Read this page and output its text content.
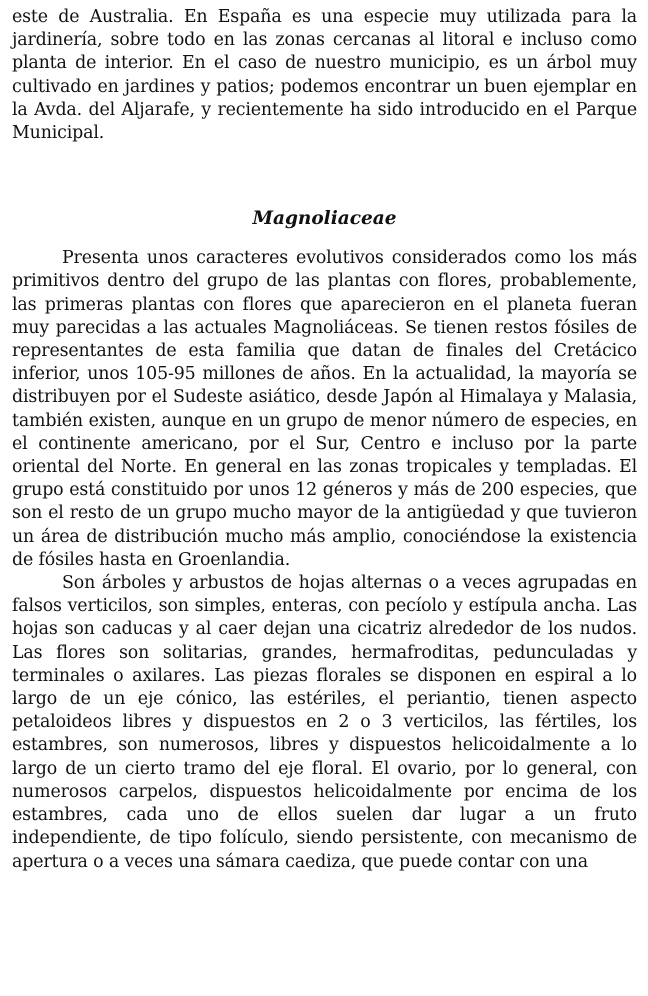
este de Australia. En España es una especie muy utilizada para la jardinería, sobre todo en las zonas cercanas al litoral e incluso como planta de interior. En el caso de nuestro municipio, es un árbol muy cultivado en jardines y patios; podemos encontrar un buen ejemplar en la Avda. del Aljarafe, y recientemente ha sido introducido en el Parque Municipal.

Magnoliaceae

Presenta unos caracteres evolutivos considerados como los más primitivos dentro del grupo de las plantas con flores, probablemente, las primeras plantas con flores que aparecieron en el planeta fueran muy parecidas a las actuales Magnoliáceas. Se tienen restos fósiles de representantes de esta familia que datan de finales del Cretácico inferior, unos 105-95 millones de años. En la actualidad, la mayoría se distribuyen por el Sudeste asiático, desde Japón al Himalaya y Malasia, también existen, aunque en un grupo de menor número de especies, en el continente americano, por el Sur, Centro e incluso por la parte oriental del Norte. En general en las zonas tropicales y templadas. El grupo está constituido por unos 12 géneros y más de 200 especies, que son el resto de un grupo mucho mayor de la antigüedad y que tuvieron un área de distribución mucho más amplio, conociéndose la existencia de fósiles hasta en Groenlandia.

Son árboles y arbustos de hojas alternas o a veces agrupadas en falsos verticilos, son simples, enteras, con pecíolo y estípula ancha. Las hojas son caducas y al caer dejan una cicatriz alrededor de los nudos. Las flores son solitarias, grandes, hermafroditas, pedunculadas y terminales o axilares. Las piezas florales se disponen en espiral a lo largo de un eje cónico, las estériles, el periantio, tienen aspecto petaloideos libres y dispuestos en 2 o 3 verticilos, las fértiles, los estambres, son numerosos, libres y dispuestos helicoidalmente a lo largo de un cierto tramo del eje floral. El ovario, por lo general, con numerosos carpelos, dispuestos helicoidalmente por encima de los estambres, cada uno de ellos suelen dar lugar a un fruto independiente, de tipo folículo, siendo persistente, con mecanismo de apertura o a veces una sámara caediza, que puede contar con una
